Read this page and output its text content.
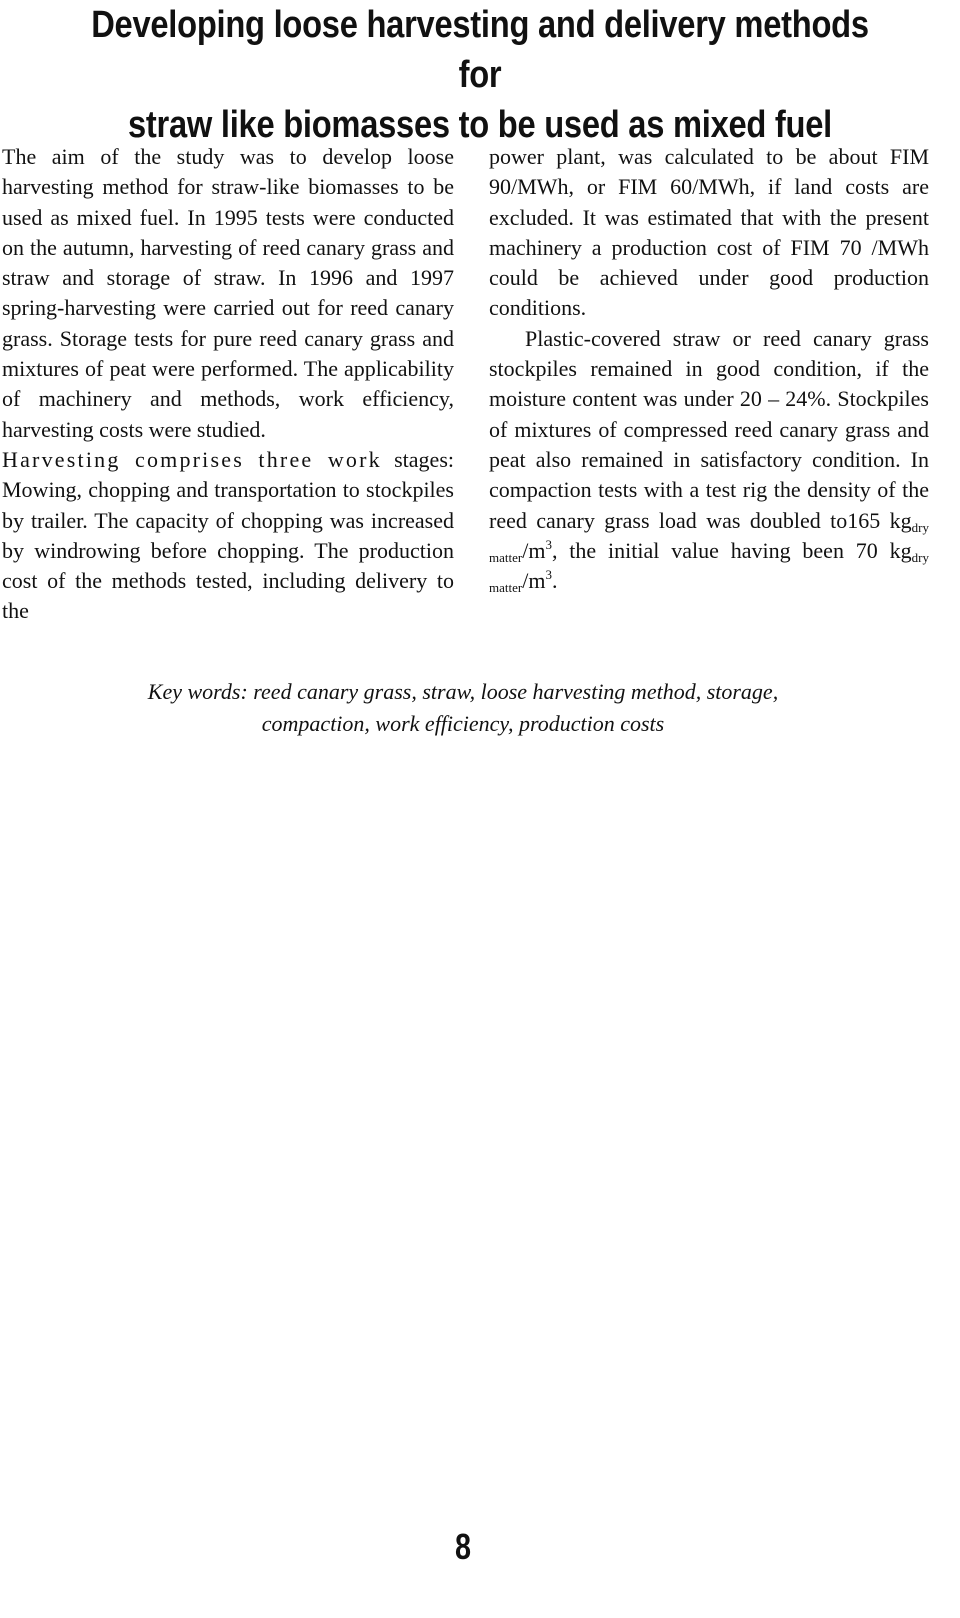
Developing loose harvesting and delivery methods for
straw like biomasses to be used as mixed fuel

The aim of the study was to develop loose harvesting method for straw-like biomasses to be used as mixed fuel. In 1995 tests were conducted on the autumn, harvesting of reed canary grass and straw and storage of straw. In 1996 and 1997 spring-harvesting were carried out for reed canary grass. Storage tests for pure reed canary grass and mixtures of peat were performed. The applicability of machinery and methods, work efficiency, harvesting costs were studied.

Harvesting comprises three work stages: Mowing, chopping and transportation to stockpiles by trailer. The capacity of chopping was increased by windrowing before chopping. The production cost of the methods tested, including delivery to the

power plant, was calculated to be about FIM 90/MWh, or FIM 60/MWh, if land costs are excluded. It was estimated that with the present machinery a production cost of FIM 70 /MWh could be achieved under good production conditions.

Plastic-covered straw or reed canary grass stockpiles remained in good condition, if the moisture content was under 20 – 24%. Stockpiles of mixtures of compressed reed canary grass and peat also remained in satisfactory condition. In compaction tests with a test rig the density of the reed canary grass load was doubled to165 $kg_{dry matter}/m^3$, the initial value having been 70 $kg_{dry matter}/m^3$.

Key words: reed canary grass, straw, loose harvesting method, storage,
compaction, work efficiency, production costs
8
